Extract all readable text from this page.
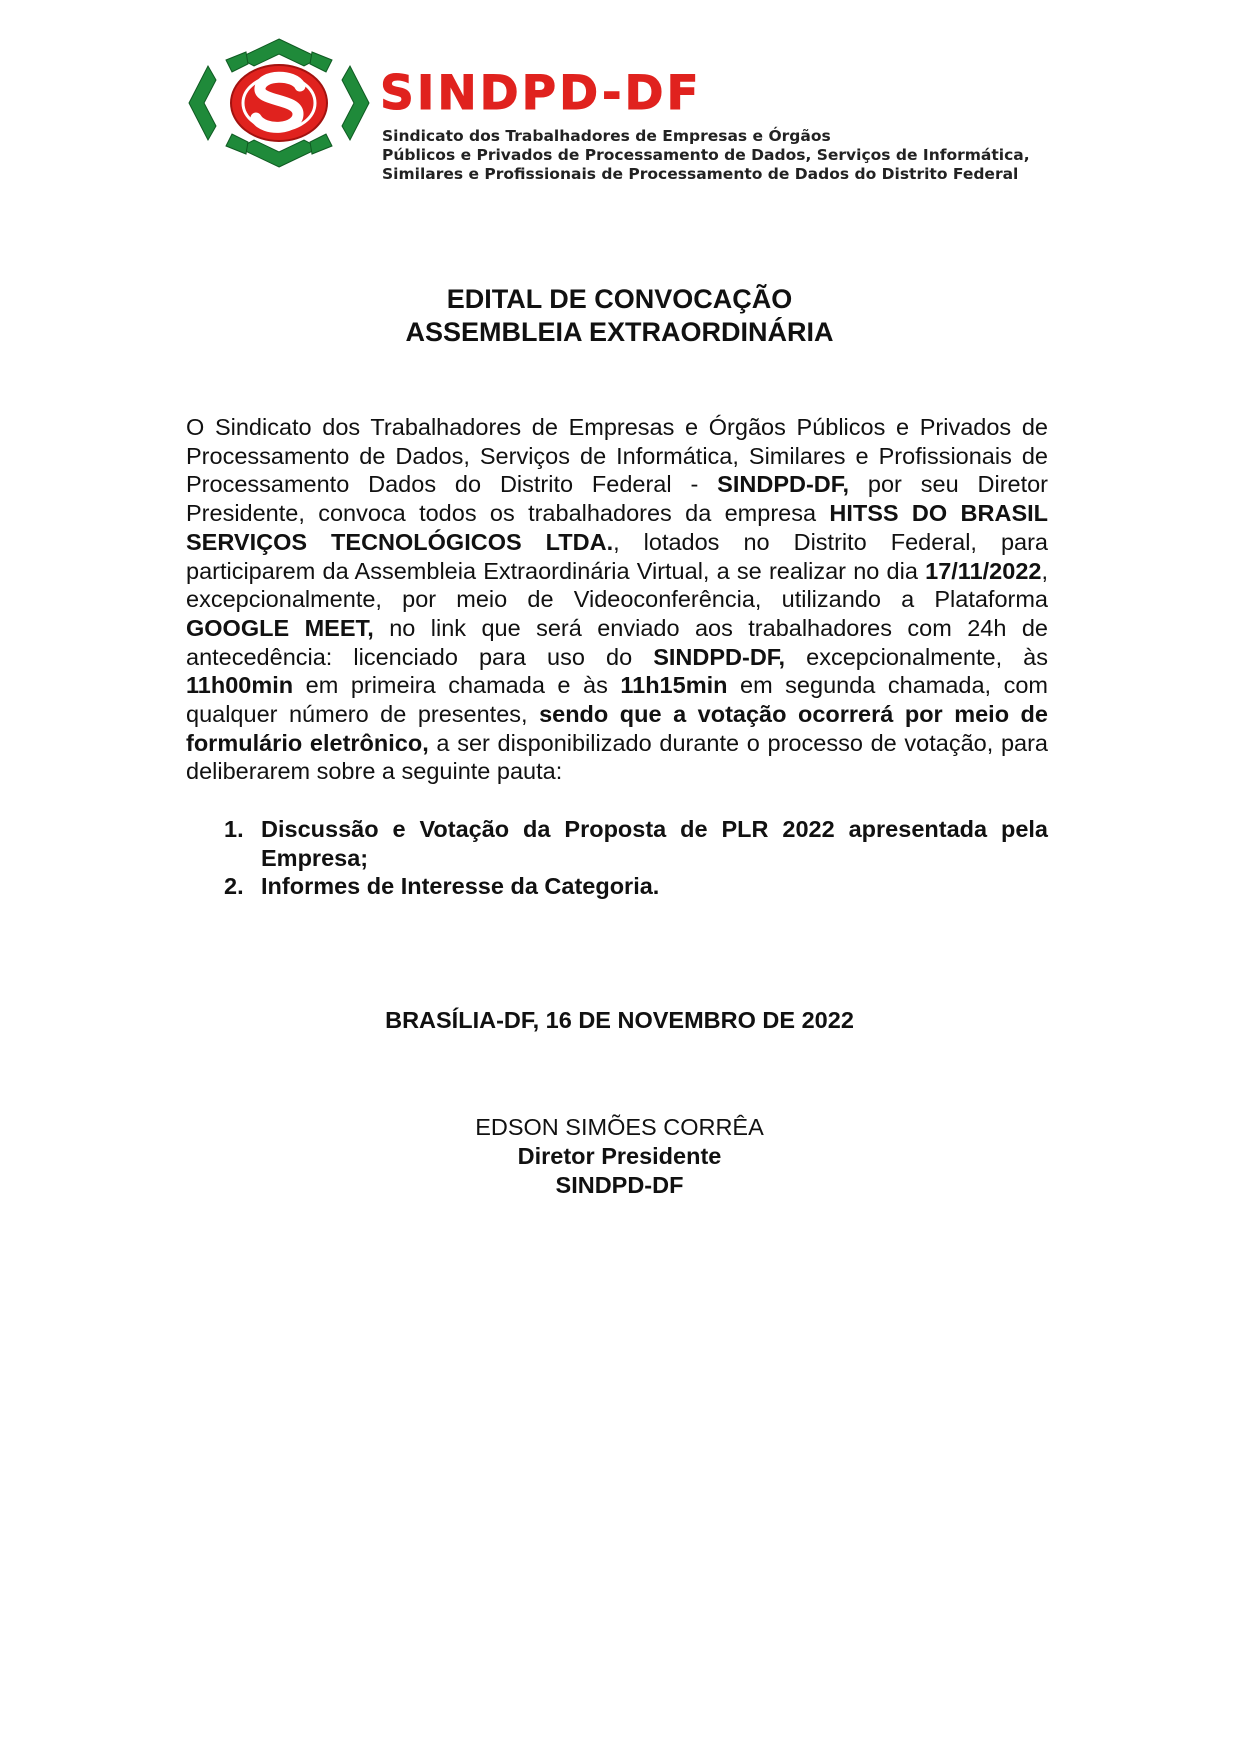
SINDPD-DF
Sindicato dos Trabalhadores de Empresas e Órgãos
Públicos e Privados de Processamento de Dados, Serviços de Informática,
Similares e Profissionais de Processamento de Dados do Distrito Federal
EDITAL DE CONVOCAÇÃO
ASSEMBLEIA EXTRAORDINÁRIA
O Sindicato dos Trabalhadores de Empresas e Órgãos Públicos e Privados de Processamento de Dados, Serviços de Informática, Similares e Profissionais de Processamento Dados do Distrito Federal - SINDPD-DF, por seu Diretor Presidente, convoca todos os trabalhadores da empresa HITSS DO BRASIL SERVIÇOS TECNOLÓGICOS LTDA., lotados no Distrito Federal, para participarem da Assembleia Extraordinária Virtual, a se realizar no dia 17/11/2022, excepcionalmente, por meio de Videoconferência, utilizando a Plataforma GOOGLE MEET, no link que será enviado aos trabalhadores com 24h de antecedência: licenciado para uso do SINDPD-DF, excepcionalmente, às 11h00min em primeira chamada e às 11h15min em segunda chamada, com qualquer número de presentes, sendo que a votação ocorrerá por meio de formulário eletrônico, a ser disponibilizado durante o processo de votação, para deliberarem sobre a seguinte pauta:
1. Discussão e Votação da Proposta de PLR 2022 apresentada pela Empresa;
2. Informes de Interesse da Categoria.
BRASÍLIA-DF, 16 DE NOVEMBRO DE 2022
EDSON SIMÕES CORRÊA
Diretor Presidente
SINDPD-DF
